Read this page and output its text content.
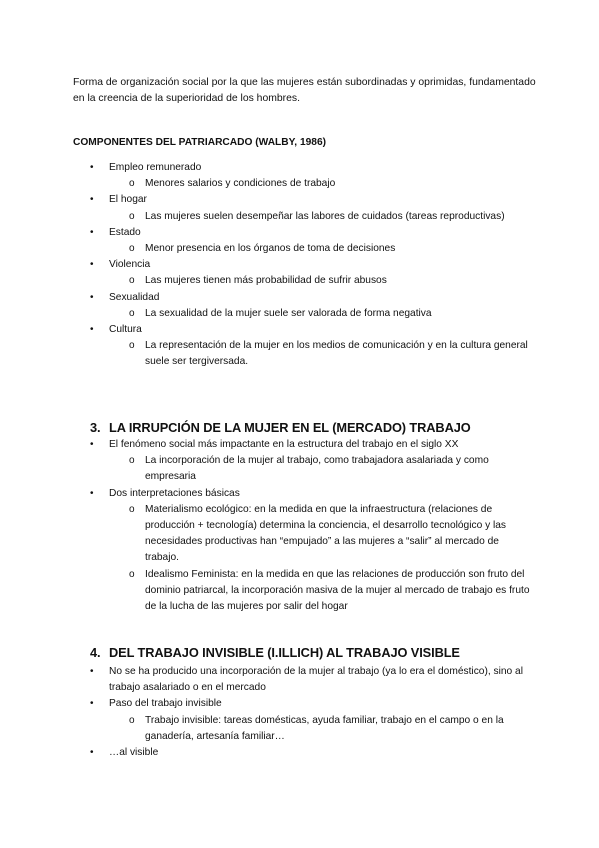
Forma de organización social por la que las mujeres están subordinadas y oprimidas, fundamentado en la creencia de la superioridad de los hombres.
COMPONENTES DEL PATRIARCADO (WALBY, 1986)
• Empleo remunerado
o Menores salarios y condiciones de trabajo
• El hogar
o Las mujeres suelen desempeñar las labores de cuidados (tareas reproductivas)
• Estado
o Menor presencia en los órganos de toma de decisiones
• Violencia
o Las mujeres tienen más probabilidad de sufrir abusos
• Sexualidad
o La sexualidad de la mujer suele ser valorada de forma negativa
• Cultura
o La representación de la mujer en los medios de comunicación y en la cultura general suele ser tergiversada.
3. LA IRRUPCIÓN DE LA MUJER EN EL (MERCADO) TRABAJO
• El fenómeno social más impactante en la estructura del trabajo en el siglo XX
o La incorporación de la mujer al trabajo, como trabajadora asalariada y como empresaria
• Dos interpretaciones básicas
o Materialismo ecológico: en la medida en que la infraestructura (relaciones de producción + tecnología) determina la conciencia, el desarrollo tecnológico y las necesidades productivas han “empujado” a las mujeres a “salir” al mercado de trabajo.
o Idealismo Feminista: en la medida en que las relaciones de producción son fruto del dominio patriarcal, la incorporación masiva de la mujer al mercado de trabajo es fruto de la lucha de las mujeres por salir del hogar
4. DEL TRABAJO INVISIBLE (I.ILLICH) AL TRABAJO VISIBLE
• No se ha producido una incorporación de la mujer al trabajo (ya lo era el doméstico), sino al trabajo asalariado o en el mercado
• Paso del trabajo invisible
o Trabajo invisible: tareas domésticas, ayuda familiar, trabajo en el campo o en la ganadería, artesanía familiar…
• …al visible
